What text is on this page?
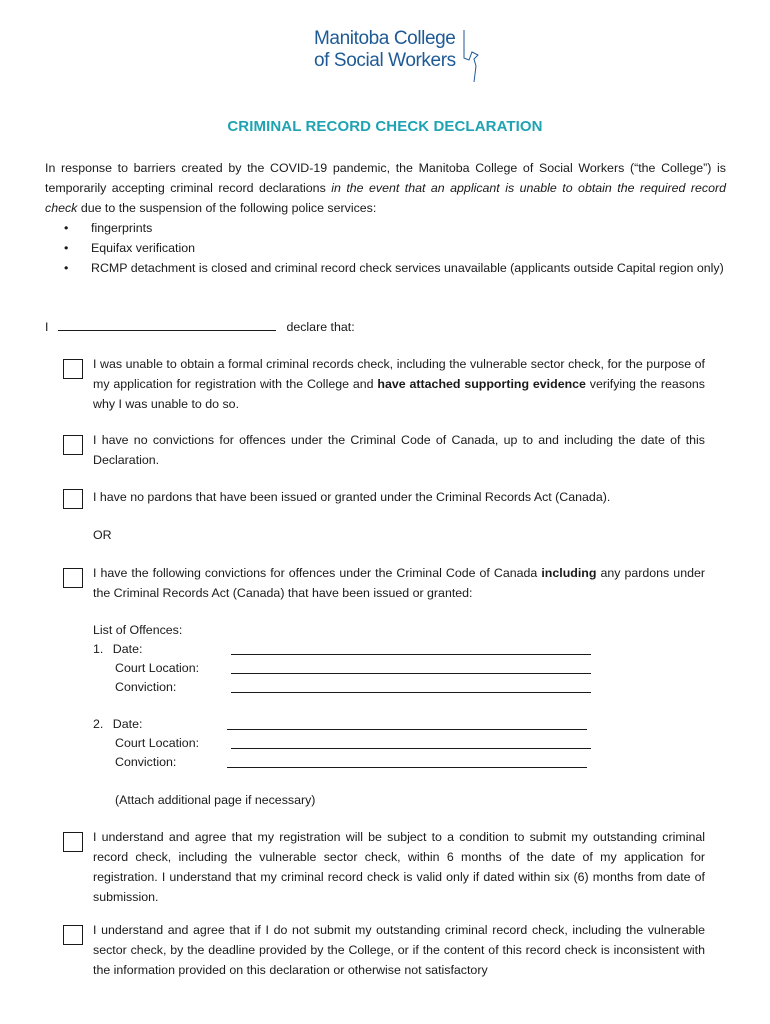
Manitoba College
of Social Workers
CRIMINAL RECORD CHECK DECLARATION
In response to barriers created by the COVID-19 pandemic, the Manitoba College of Social Workers (“the College”) is temporarily accepting criminal record declarations in the event that an applicant is unable to obtain the required record check due to the suspension of the following police services:
• fingerprints
• Equifax verification
• RCMP detachment is closed and criminal record check services unavailable (applicants outside Capital region only)
I	declare that:
I was unable to obtain a formal criminal records check, including the vulnerable sector check, for the purpose of my application for registration with the College and have attached supporting evidence verifying the reasons why I was unable to do so.
I have no convictions for offences under the Criminal Code of Canada, up to and including the date of this Declaration.
I have no pardons that have been issued or granted under the Criminal Records Act (Canada).
OR
I have the following convictions for offences under the Criminal Code of Canada including any pardons under the Criminal Records Act (Canada) that have been issued or granted:
List of Offences:
1. Date:
Court Location:
Conviction:
2. Date:
Court Location:
Conviction:
(Attach additional page if necessary)
I understand and agree that my registration will be subject to a condition to submit my outstanding criminal record check, including the vulnerable sector check, within 6 months of the date of my application for registration. I understand that my criminal record check is valid only if dated within six (6) months from date of submission.
I understand and agree that if I do not submit my outstanding criminal record check, including the vulnerable sector check, by the deadline provided by the College, or if the content of this record check is inconsistent with the information provided on this declaration or otherwise not satisfactory
